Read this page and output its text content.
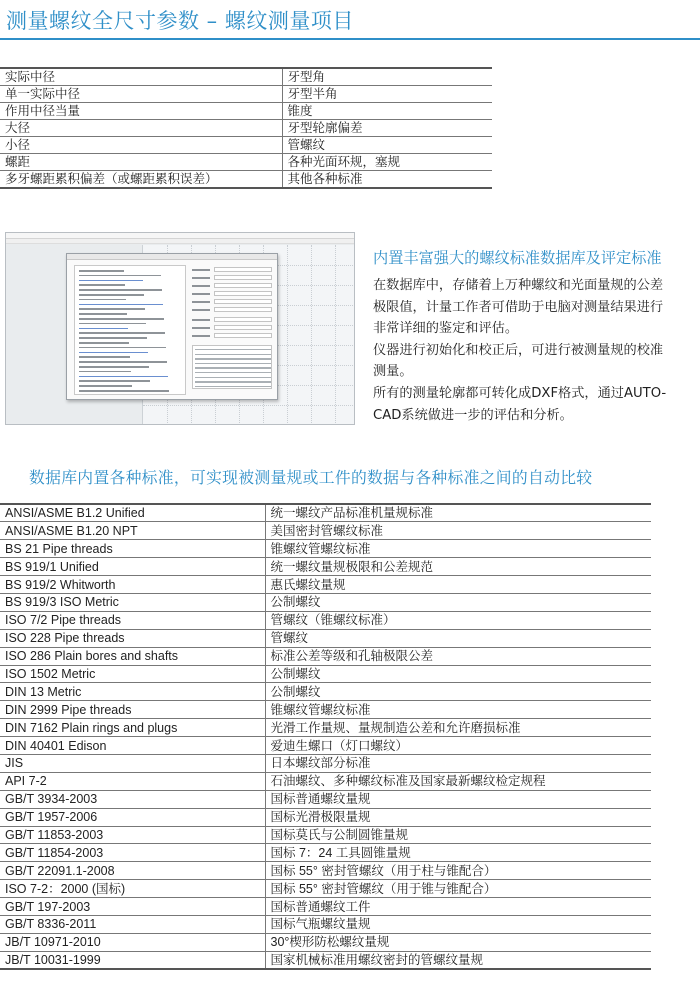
测量螺纹全尺寸参数 – 螺纹测量项目
实际中径	牙型角
单一实际中径	牙型半角
作用中径当量	锥度
大径	牙型轮廓偏差
小径	管螺纹
螺距	各种光面环规，塞规
多牙螺距累积偏差（或螺距累积误差）	其他各种标准
内置丰富强大的螺纹标准数据库及评定标准

在数据库中，存储着上万种螺纹和光面量规的公差

极限值，计量工作者可借助于电脑对测量结果进行

非常详细的鉴定和评估。

仪器进行初始化和校正后，可进行被测量规的校准

测量。

所有的测量轮廓都可转化成DXF格式，通过AUTO-

CAD系统做进一步的评估和分析。

数据库内置各种标准，可实现被测量规或工件的数据与各种标准之间的自动比较
ANSI/ASME B1.2 Unified	统一螺纹产品标准机量规标准
ANSI/ASME B1.20 NPT	美国密封管螺纹标准
BS 21 Pipe threads	锥螺纹管螺纹标准
BS 919/1 Unified	统一螺纹量规极限和公差规范
BS 919/2 Whitworth	惠氏螺纹量规
BS 919/3 ISO Metric	公制螺纹
ISO 7/2 Pipe threads	管螺纹（锥螺纹标准）
ISO 228 Pipe threads	管螺纹
ISO 286 Plain bores and shafts	标准公差等级和孔轴极限公差
ISO 1502 Metric	公制螺纹
DIN 13 Metric	公制螺纹
DIN 2999 Pipe threads	锥螺纹管螺纹标准
DIN 7162 Plain rings and plugs	光滑工作量规、量规制造公差和允许磨损标准
DIN 40401 Edison	爱迪生螺口（灯口螺纹）
JIS	日本螺纹部分标准
API 7-2	石油螺纹、多种螺纹标准及国家最新螺纹检定规程
GB/T 3934-2003	国标普通螺纹量规
GB/T 1957-2006	国标光滑极限量规
GB/T 11853-2003	国标莫氏与公制圆锥量规
GB/T 11854-2003	国标 7：24 工具圆锥量规
GB/T 22091.1-2008	国标 55° 密封管螺纹（用于柱与锥配合）
ISO 7-2：2000 (国标)	国标 55° 密封管螺纹（用于锥与锥配合）
GB/T 197-2003	国标普通螺纹工件
GB/T 8336-2011	国标气瓶螺纹量规
JB/T 10971-2010	30°楔形防松螺纹量规
JB/T 10031-1999	国家机械标准用螺纹密封的管螺纹量规
